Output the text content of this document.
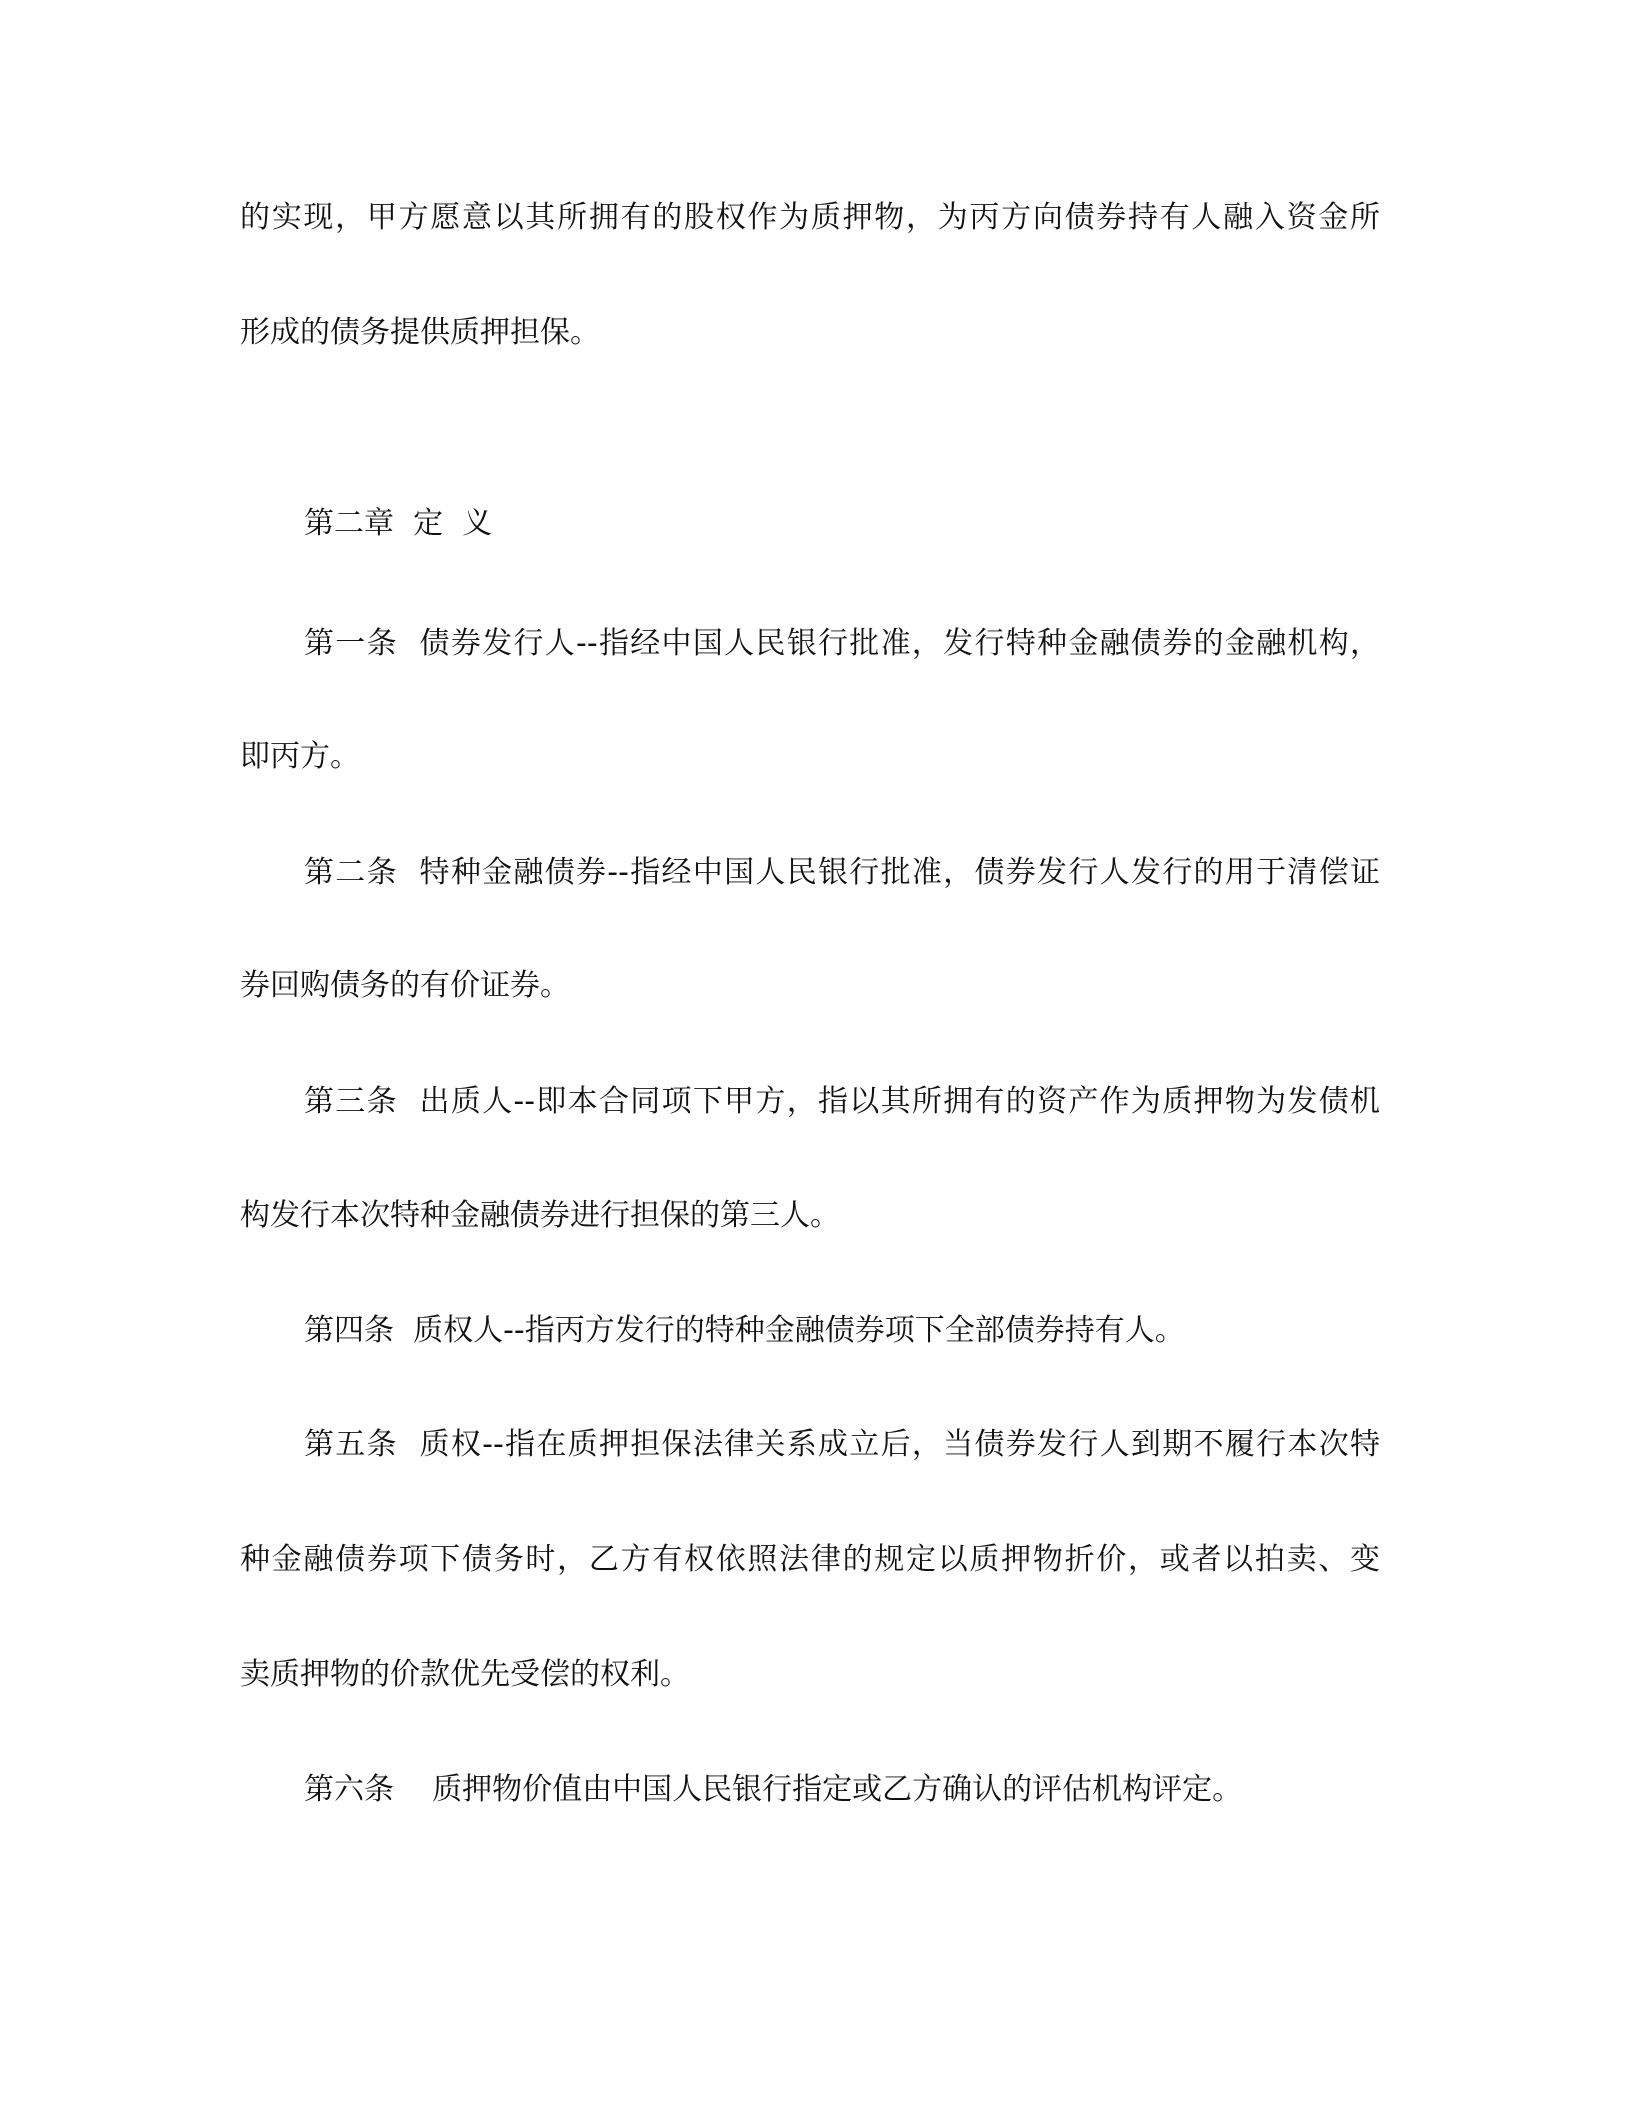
的实现，甲方愿意以其所拥有的股权作为质押物，为丙方向债券持有人融入资金所

形成的债务提供质押担保。

第二章  定  义

第一条  债券发行人--指经中国人民银行批准，发行特种金融债券的金融机构，

即丙方。

第二条  特种金融债券--指经中国人民银行批准，债券发行人发行的用于清偿证

券回购债务的有价证券。

第三条  出质人--即本合同项下甲方，指以其所拥有的资产作为质押物为发债机

构发行本次特种金融债券进行担保的第三人。

第四条  质权人--指丙方发行的特种金融债券项下全部债券持有人。

第五条  质权--指在质押担保法律关系成立后，当债券发行人到期不履行本次特

种金融债券项下债务时，乙方有权依照法律的规定以质押物折价，或者以拍卖、变

卖质押物的价款优先受偿的权利。

第六条    质押物价值由中国人民银行指定或乙方确认的评估机构评定。
